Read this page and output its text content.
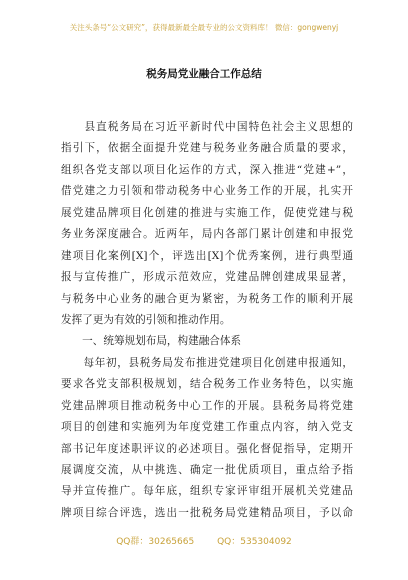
关注头条号“公文研究”，获得最新最全最专业的公文资料库！ 微信：gongwenyj
税务局党业融合工作总结
　　县直税务局在习近平新时代中国特色社会主义思想的
指引下，依据全面提升党建与税务业务融合质量的要求，
组织各党支部以项目化运作的方式，深入推进“党建+”，
借党建之力引领和带动税务中心业务工作的开展，扎实开
展党建品牌项目化创建的推进与实施工作，促使党建与税
务业务深度融合。近两年，局内各部门累计创建和申报党
建项目化案例[X]个，评选出[X]个优秀案例，进行典型通
报与宣传推广，形成示范效应，党建品牌创建成果显著，
与税务中心业务的融合更为紧密，为税务工作的顺利开展
发挥了更为有效的引领和推动作用。
　　一、统筹规划布局，构建融合体系
　　每年初，县税务局发布推进党建项目化创建申报通知，
要求各党支部积极规划，结合税务工作业务特色，以实施
党建品牌项目推动税务中心工作的开展。县税务局将党建
项目的创建和实施列为年度党建工作重点内容，纳入党支
部书记年度述职评议的必述项目。强化督促指导，定期开
展调度交流，从中挑选、确定一批优质项目，重点给予指
导并宣传推广。每年底，组织专家评审组开展机关党建品
牌项目综合评选，选出一批税务局党建精品项目，予以命
QQ群：30265665	QQ：535304092
